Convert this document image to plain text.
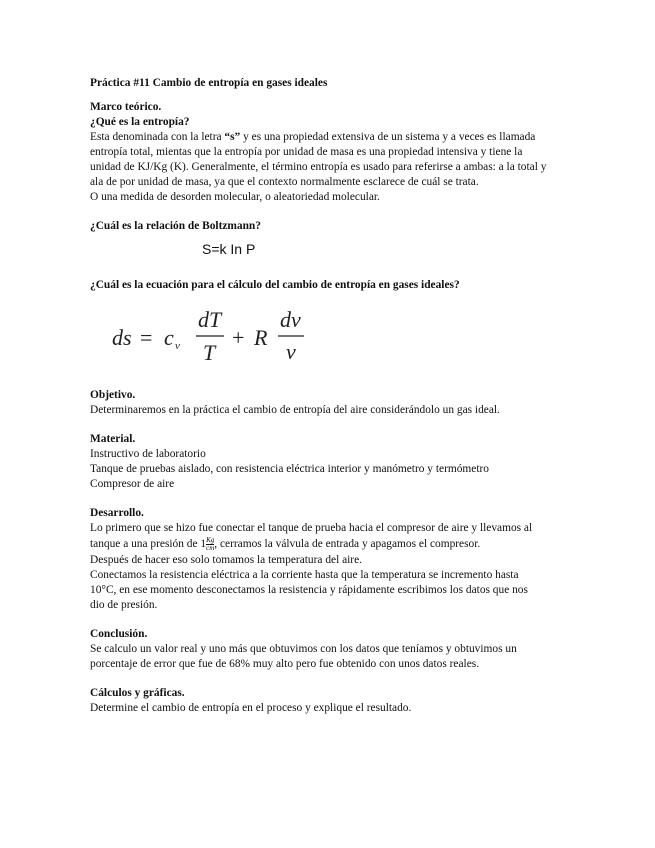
Práctica #11 Cambio de entropía en gases ideales

Marco teórico.

¿Qué es la entropía?

Esta denominada con la letra “s” y es una propiedad extensiva de un sistema y a veces es llamada

entropía total, mientas que la entropía por unidad de masa es una propiedad intensiva y tiene la

unidad de KJ/Kg (K). Generalmente, el término entropía es usado para referirse a ambas: a la total y

ala de por unidad de masa, ya que el contexto normalmente esclarece de cuál se trata.

O una medida de desorden molecular, o aleatoriedad molecular.

¿Cuál es la relación de Boltzmann?

S=k In P

¿Cuál es la ecuación para el cálculo del cambio de entropía en gases ideales?

ds = c v
dT
T
+ R
dv
v

Objetivo.

Determinaremos en la práctica el cambio de entropía del aire considerándolo un gas ideal.

Material.

Instructivo de laboratorio

Tanque de pruebas aislado, con resistencia eléctrica interior y manómetro y termómetro

Compresor de aire

Desarrollo.

Lo primero que se hizo fue conectar el tanque de prueba hacia el compresor de aire y llevamos al

tanque a una presión de $1 \frac{Kg}{cm}$ , cerramos la válvula de entrada y apagamos el compresor.

Después de hacer eso solo tomamos la temperatura del aire.

Conectamos la resistencia eléctrica a la corriente hasta que la temperatura se incremento hasta

10°C, en ese momento desconectamos la resistencia y rápidamente escribimos los datos que nos

dio de presión.

Conclusión.

Se calculo un valor real y uno más que obtuvimos con los datos que teníamos y obtuvimos un

porcentaje de error que fue de 68% muy alto pero fue obtenido con unos datos reales.

Cálculos y gráficas.

Determine el cambio de entropía en el proceso y explique el resultado.
